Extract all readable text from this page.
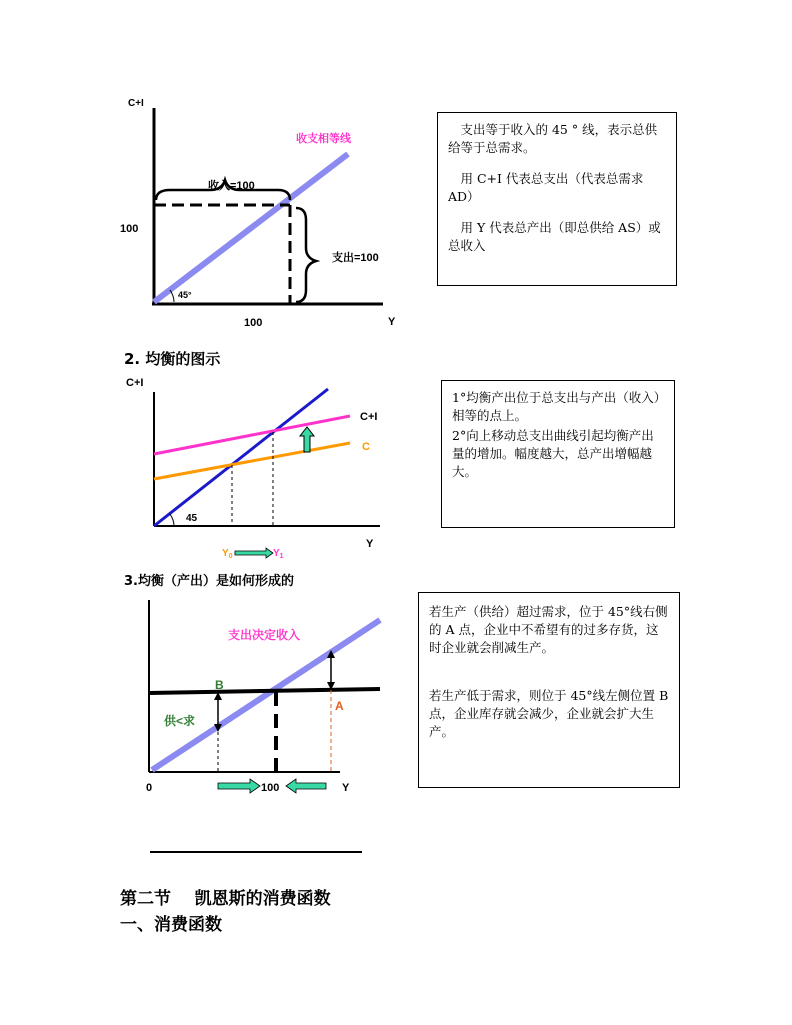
C+I
收支相等线
收入=100
100
支出=100
45°
100	Y

支出等于收入的 45 ° 线，表示总供给等于总需求。

用 C+I 代表总支出（代表总需求 AD）

用 Y 代表总产出（即总供给 AS）或总收入

2. 均衡的图示
C+I
C+I
C
45
Y
$Y_0$	$Y_1$

1°均衡产出位于总支出与产出（收入）相等的点上。

2°向上移动总支出曲线引起均衡产出量的增加。幅度越大，总产出增幅越大。

3.均衡（产出）是如何形成的
支出决定收入
B
A
供<求
0	100	Y

若生产（供给）超过需求，位于 45°线右侧的 A 点，企业中不希望有的过多存货，这时企业就会削减生产。

若生产低于需求，则位于 45°线左侧位置 B 点，企业库存就会减少，企业就会扩大生产。

第二节    凯恩斯的消费函数
一、消费函数
